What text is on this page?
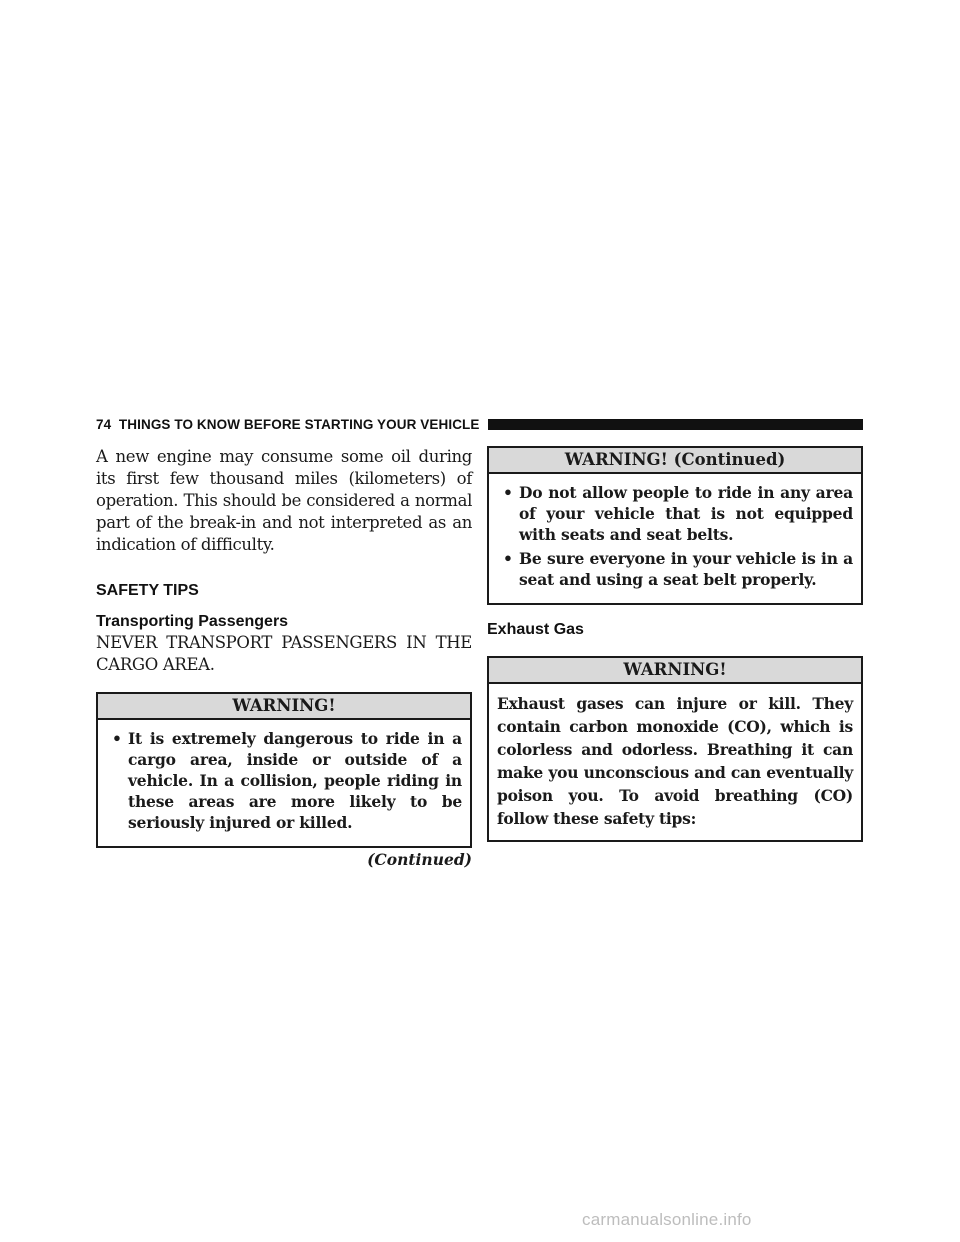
74 THINGS TO KNOW BEFORE STARTING YOUR VEHICLE

A new engine may consume some oil during its first few thousand miles (kilometers) of operation. This should be considered a normal part of the break-in and not interpreted as an indication of difficulty.

SAFETY TIPS
Transporting Passengers

NEVER TRANSPORT PASSENGERS IN THE CARGO AREA.

WARNING!
• It is extremely dangerous to ride in a cargo area, inside or outside of a vehicle. In a collision, people riding in these areas are more likely to be seriously injured or killed.
(Continued)
WARNING! (Continued)
• Do not allow people to ride in any area of your vehicle that is not equipped with seats and seat belts.
• Be sure everyone in your vehicle is in a seat and using a seat belt properly.
Exhaust Gas
WARNING!

Exhaust gases can injure or kill. They contain carbon monoxide (CO), which is colorless and odorless. Breathing it can make you unconscious and can eventually poison you. To avoid breathing (CO) follow these safety tips:

carmanualsonline.info
